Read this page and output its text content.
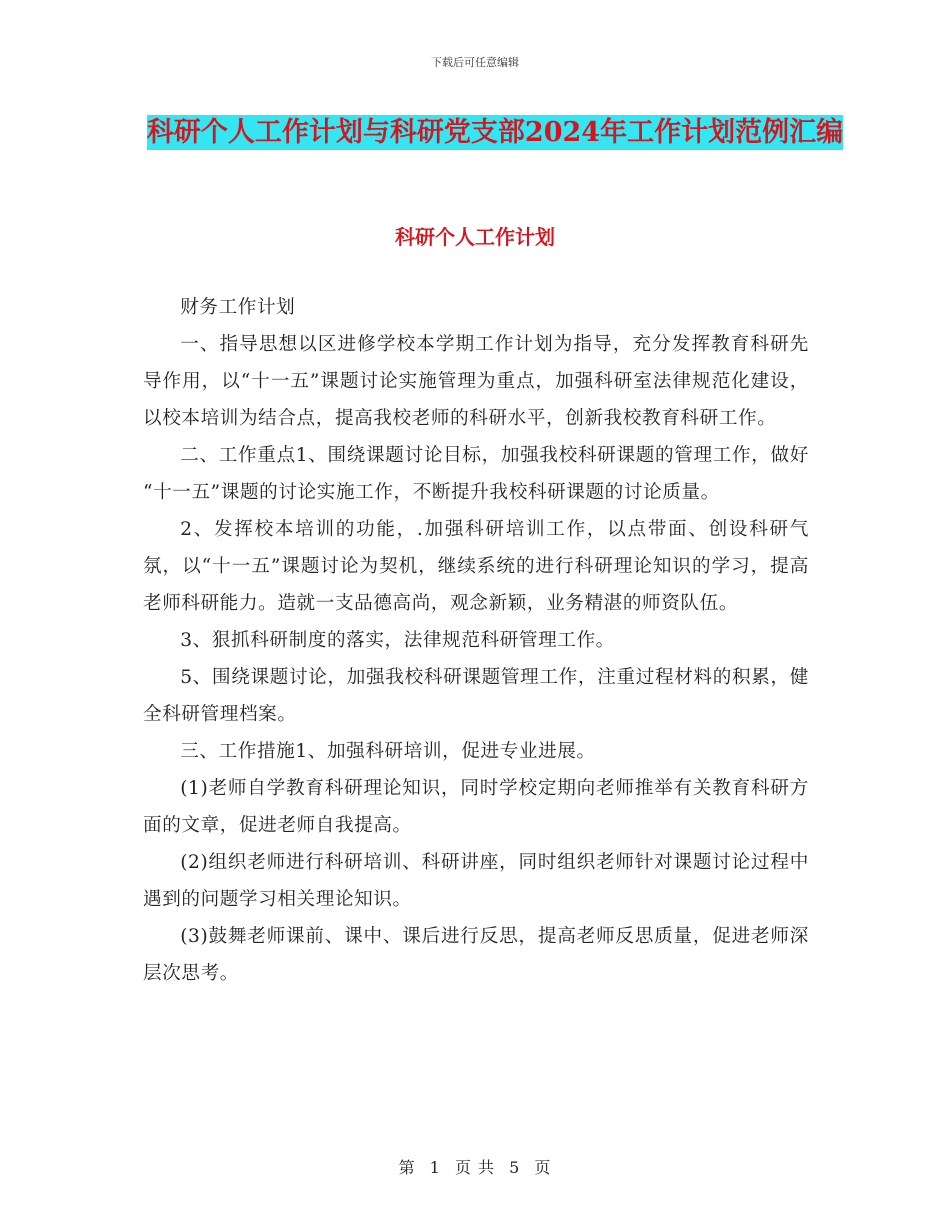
下载后可任意编辑
科研个人工作计划与科研党支部2024年工作计划范例汇编
科研个人工作计划

财务工作计划

一、指导思想以区进修学校本学期工作计划为指导，充分发挥教育科研先导作用，以“十一五”课题讨论实施管理为重点，加强科研室法律规范化建设，以校本培训为结合点，提高我校老师的科研水平，创新我校教育科研工作。

二、工作重点1、围绕课题讨论目标，加强我校科研课题的管理工作，做好 “十一五”课题的讨论实施工作，不断提升我校科研课题的讨论质量。

2、发挥校本培训的功能，.加强科研培训工作，以点带面、创设科研气氛，以“十一五”课题讨论为契机，继续系统的进行科研理论知识的学习，提高老师科研能力。造就一支品德高尚，观念新颖，业务精湛的师资队伍。

3、狠抓科研制度的落实，法律规范科研管理工作。

5、围绕课题讨论，加强我校科研课题管理工作，注重过程材料的积累，健全科研管理档案。

三、工作措施1、加强科研培训，促进专业进展。

(1)老师自学教育科研理论知识，同时学校定期向老师推举有关教育科研方面的文章，促进老师自我提高。

(2)组织老师进行科研培训、科研讲座，同时组织老师针对课题讨论过程中遇到的问题学习相关理论知识。

(3)鼓舞老师课前、课中、课后进行反思，提高老师反思质量，促进老师深层次思考。

第 1 页 共 5 页
